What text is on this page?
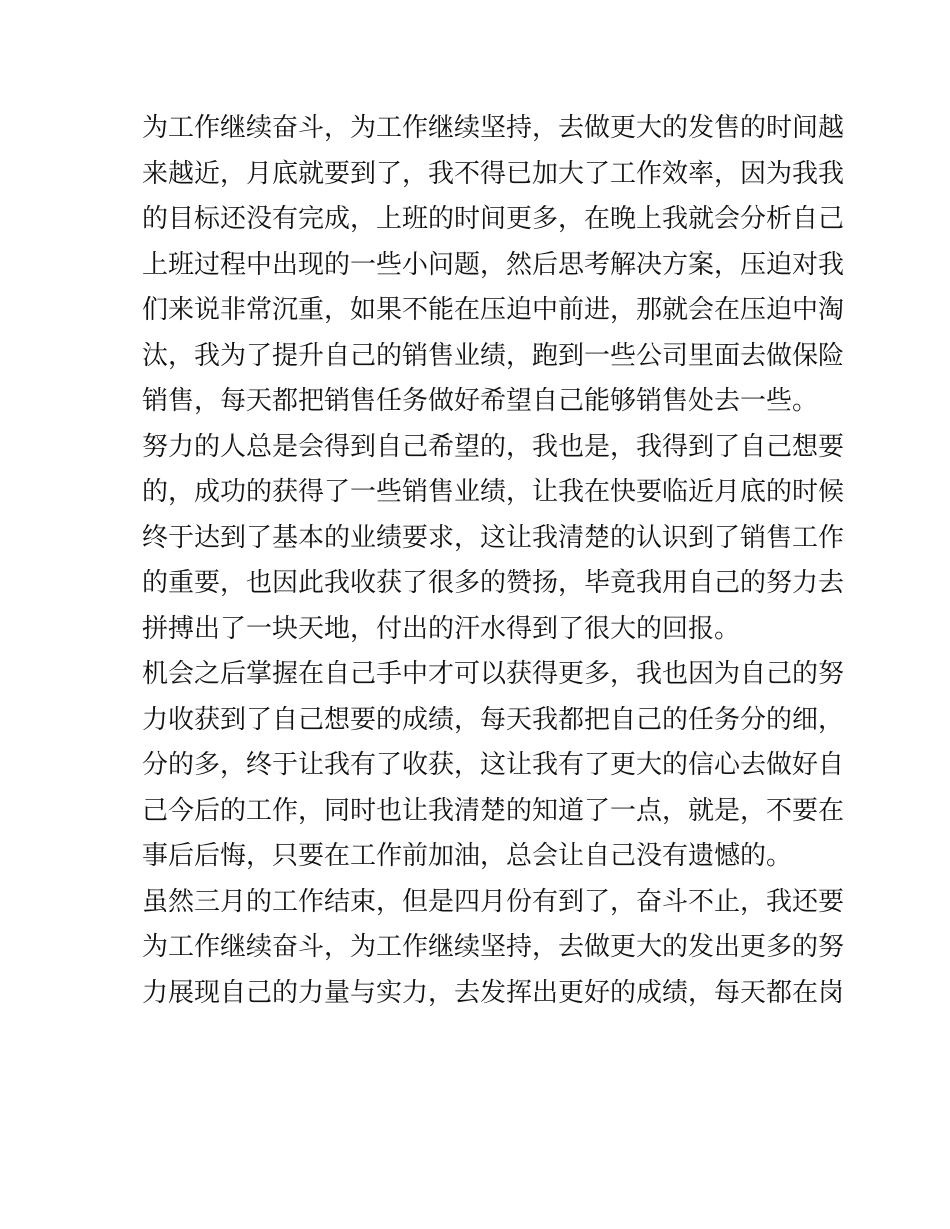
为工作继续奋斗，为工作继续坚持，去做更大的发售的时间越
来越近，月底就要到了，我不得已加大了工作效率，因为我我
的目标还没有完成，上班的时间更多，在晚上我就会分析自己
上班过程中出现的一些小问题，然后思考解决方案，压迫对我
们来说非常沉重，如果不能在压迫中前进，那就会在压迫中淘
汰，我为了提升自己的销售业绩，跑到一些公司里面去做保险
销售，每天都把销售任务做好希望自己能够销售处去一些。
努力的人总是会得到自己希望的，我也是，我得到了自己想要
的，成功的获得了一些销售业绩，让我在快要临近月底的时候
终于达到了基本的业绩要求，这让我清楚的认识到了销售工作
的重要，也因此我收获了很多的赞扬，毕竟我用自己的努力去
拼搏出了一块天地，付出的汗水得到了很大的回报。
机会之后掌握在自己手中才可以获得更多，我也因为自己的努
力收获到了自己想要的成绩，每天我都把自己的任务分的细，
分的多，终于让我有了收获，这让我有了更大的信心去做好自
己今后的工作，同时也让我清楚的知道了一点，就是，不要在
事后后悔，只要在工作前加油，总会让自己没有遗憾的。
虽然三月的工作结束，但是四月份有到了，奋斗不止，我还要
为工作继续奋斗，为工作继续坚持，去做更大的发出更多的努
力展现自己的力量与实力，去发挥出更好的成绩，每天都在岗
